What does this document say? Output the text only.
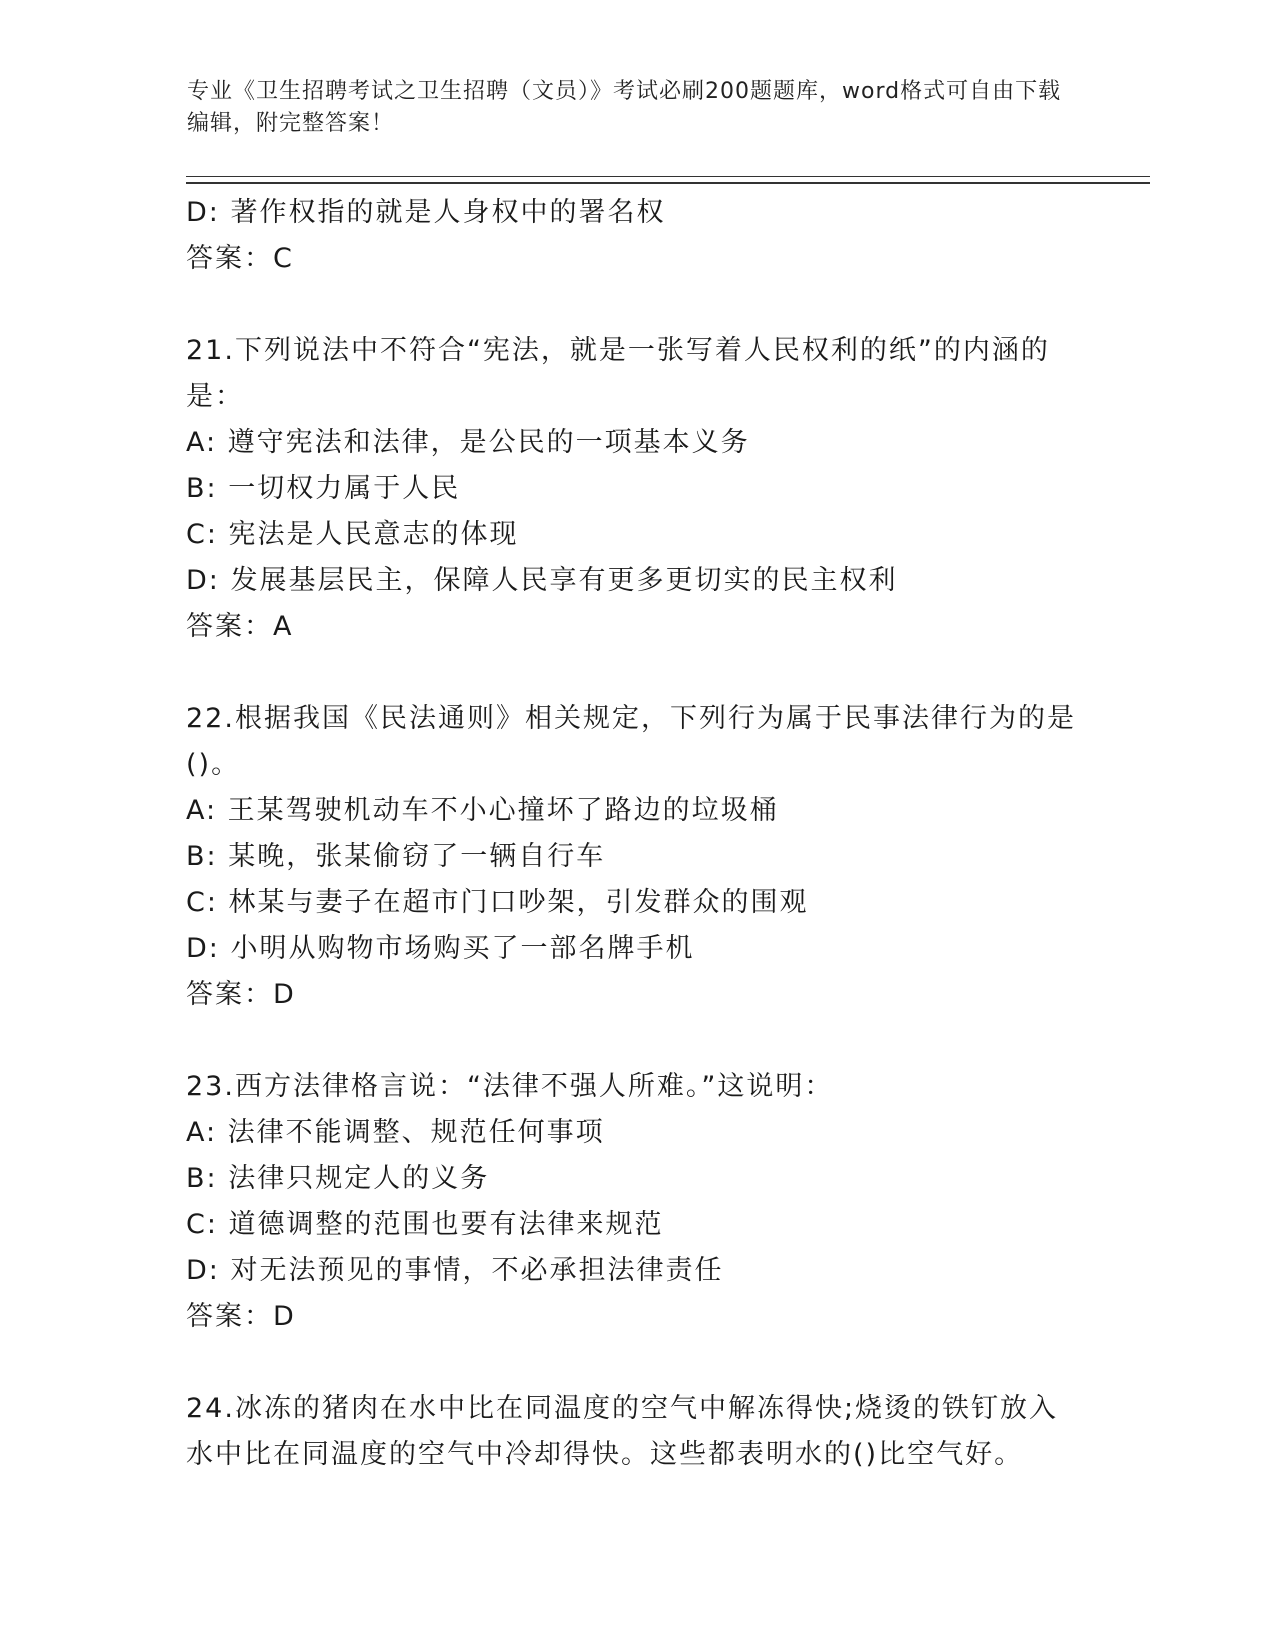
专业《卫生招聘考试之卫生招聘（文员）》考试必刷200题题库，word格式可自由下载编辑，附完整答案！
D: 著作权指的就是人身权中的署名权
答案：C
21.下列说法中不符合“宪法，就是一张写着人民权利的纸”的内涵的是：
A: 遵守宪法和法律，是公民的一项基本义务
B: 一切权力属于人民
C: 宪法是人民意志的体现
D: 发展基层民主，保障人民享有更多更切实的民主权利
答案：A
22.根据我国《民法通则》相关规定，下列行为属于民事法律行为的是()。
A: 王某驾驶机动车不小心撞坏了路边的垃圾桶
B: 某晚，张某偷窃了一辆自行车
C: 林某与妻子在超市门口吵架，引发群众的围观
D: 小明从购物市场购买了一部名牌手机
答案：D
23.西方法律格言说：“法律不强人所难。”这说明：
A: 法律不能调整、规范任何事项
B: 法律只规定人的义务
C: 道德调整的范围也要有法律来规范
D: 对无法预见的事情，不必承担法律责任
答案：D
24.冰冻的猪肉在水中比在同温度的空气中解冻得快;烧烫的铁钉放入水中比在同温度的空气中冷却得快。这些都表明水的()比空气好。
